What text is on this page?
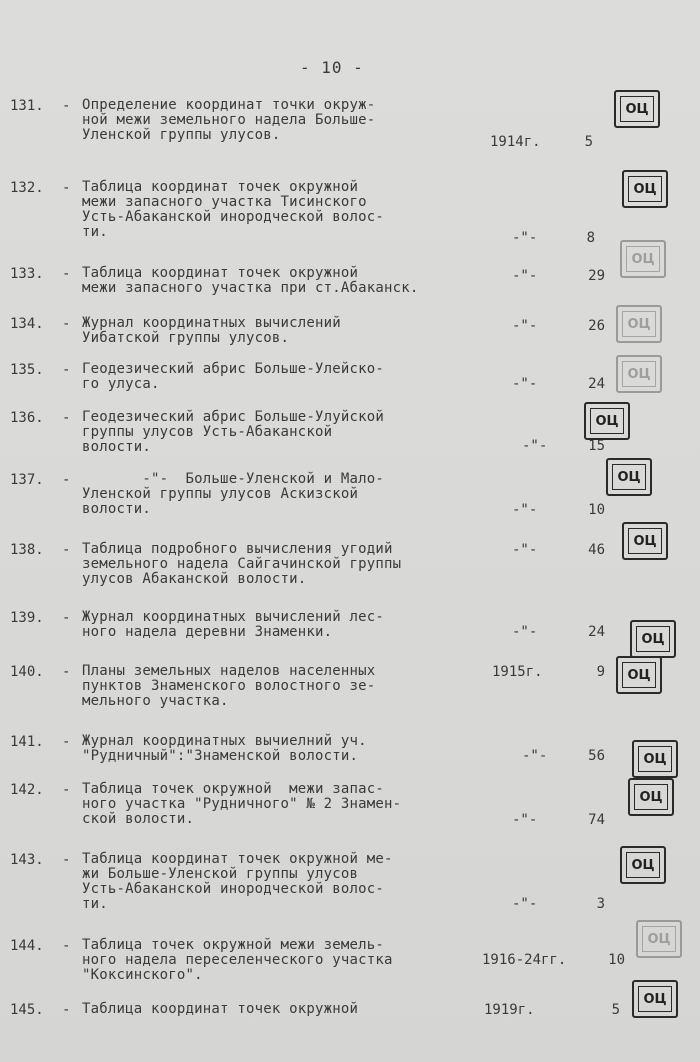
- 10 -
131. - Определение координат точки окруж-
ной межи земельного надела Больше-
Уленской группы улусов.	1914г.	5
132. - Таблица координат точек окружной
межи запасного участка Тисинского
Усть-Абаканской инородческой волос-
ти.	-"-	8
133. - Таблица координат точек окружной
межи запасного участка при ст.Абаканск.
-"-	29
134. - Журнал координатных вычислений
Уибатской группы улусов.
-"-	26
135. - Геодезический абрис Больше-Улейско-
го улуса.	-"-	24
136. - Геодезический абрис Больше-Улуйской
группы улусов Усть-Абаканской
волости.	-"-	15
137. - -"-  Больше-Уленской и Мало-
Уленской группы улусов Аскизской
волости.	-"-	10
138. - Таблица подробного вычисления угодий
земельного надела Сайгачинской группы
улусов Абаканской волости.
-"-	46
139. - Журнал координатных вычислений лес-
ного надела деревни Знаменки.	-"-	24
140. - Планы земельных наделов населенных
пунктов Знаменского волостного зе-
мельного участка.
1915г.	9
141. - Журнал координатных вычиелний уч.
"Рудничный":"Знаменской волости.	-"-	56
142. - Таблица точек окружной  межи запас-
ного участка "Рудничного" № 2 Знамен-
ской волости.	-"-	74
143. - Таблица координат точек окружной ме-
жи Больше-Уленской группы улусов
Усть-Абаканской инородческой волос-
ти.	-"-	3
144. - Таблица точек окружной межи земель-
ного надела переселенческого участка
"Коксинского".
1916-24гг.	10
145. - Таблица координат точек окружной	1919г.	5
ОЦ
ОЦ
ОЦ
ОЦ
ОЦ
ОЦ
ОЦ
ОЦ
ОЦ
ОЦ
ОЦ
ОЦ
ОЦ
ОЦ
ОЦ
